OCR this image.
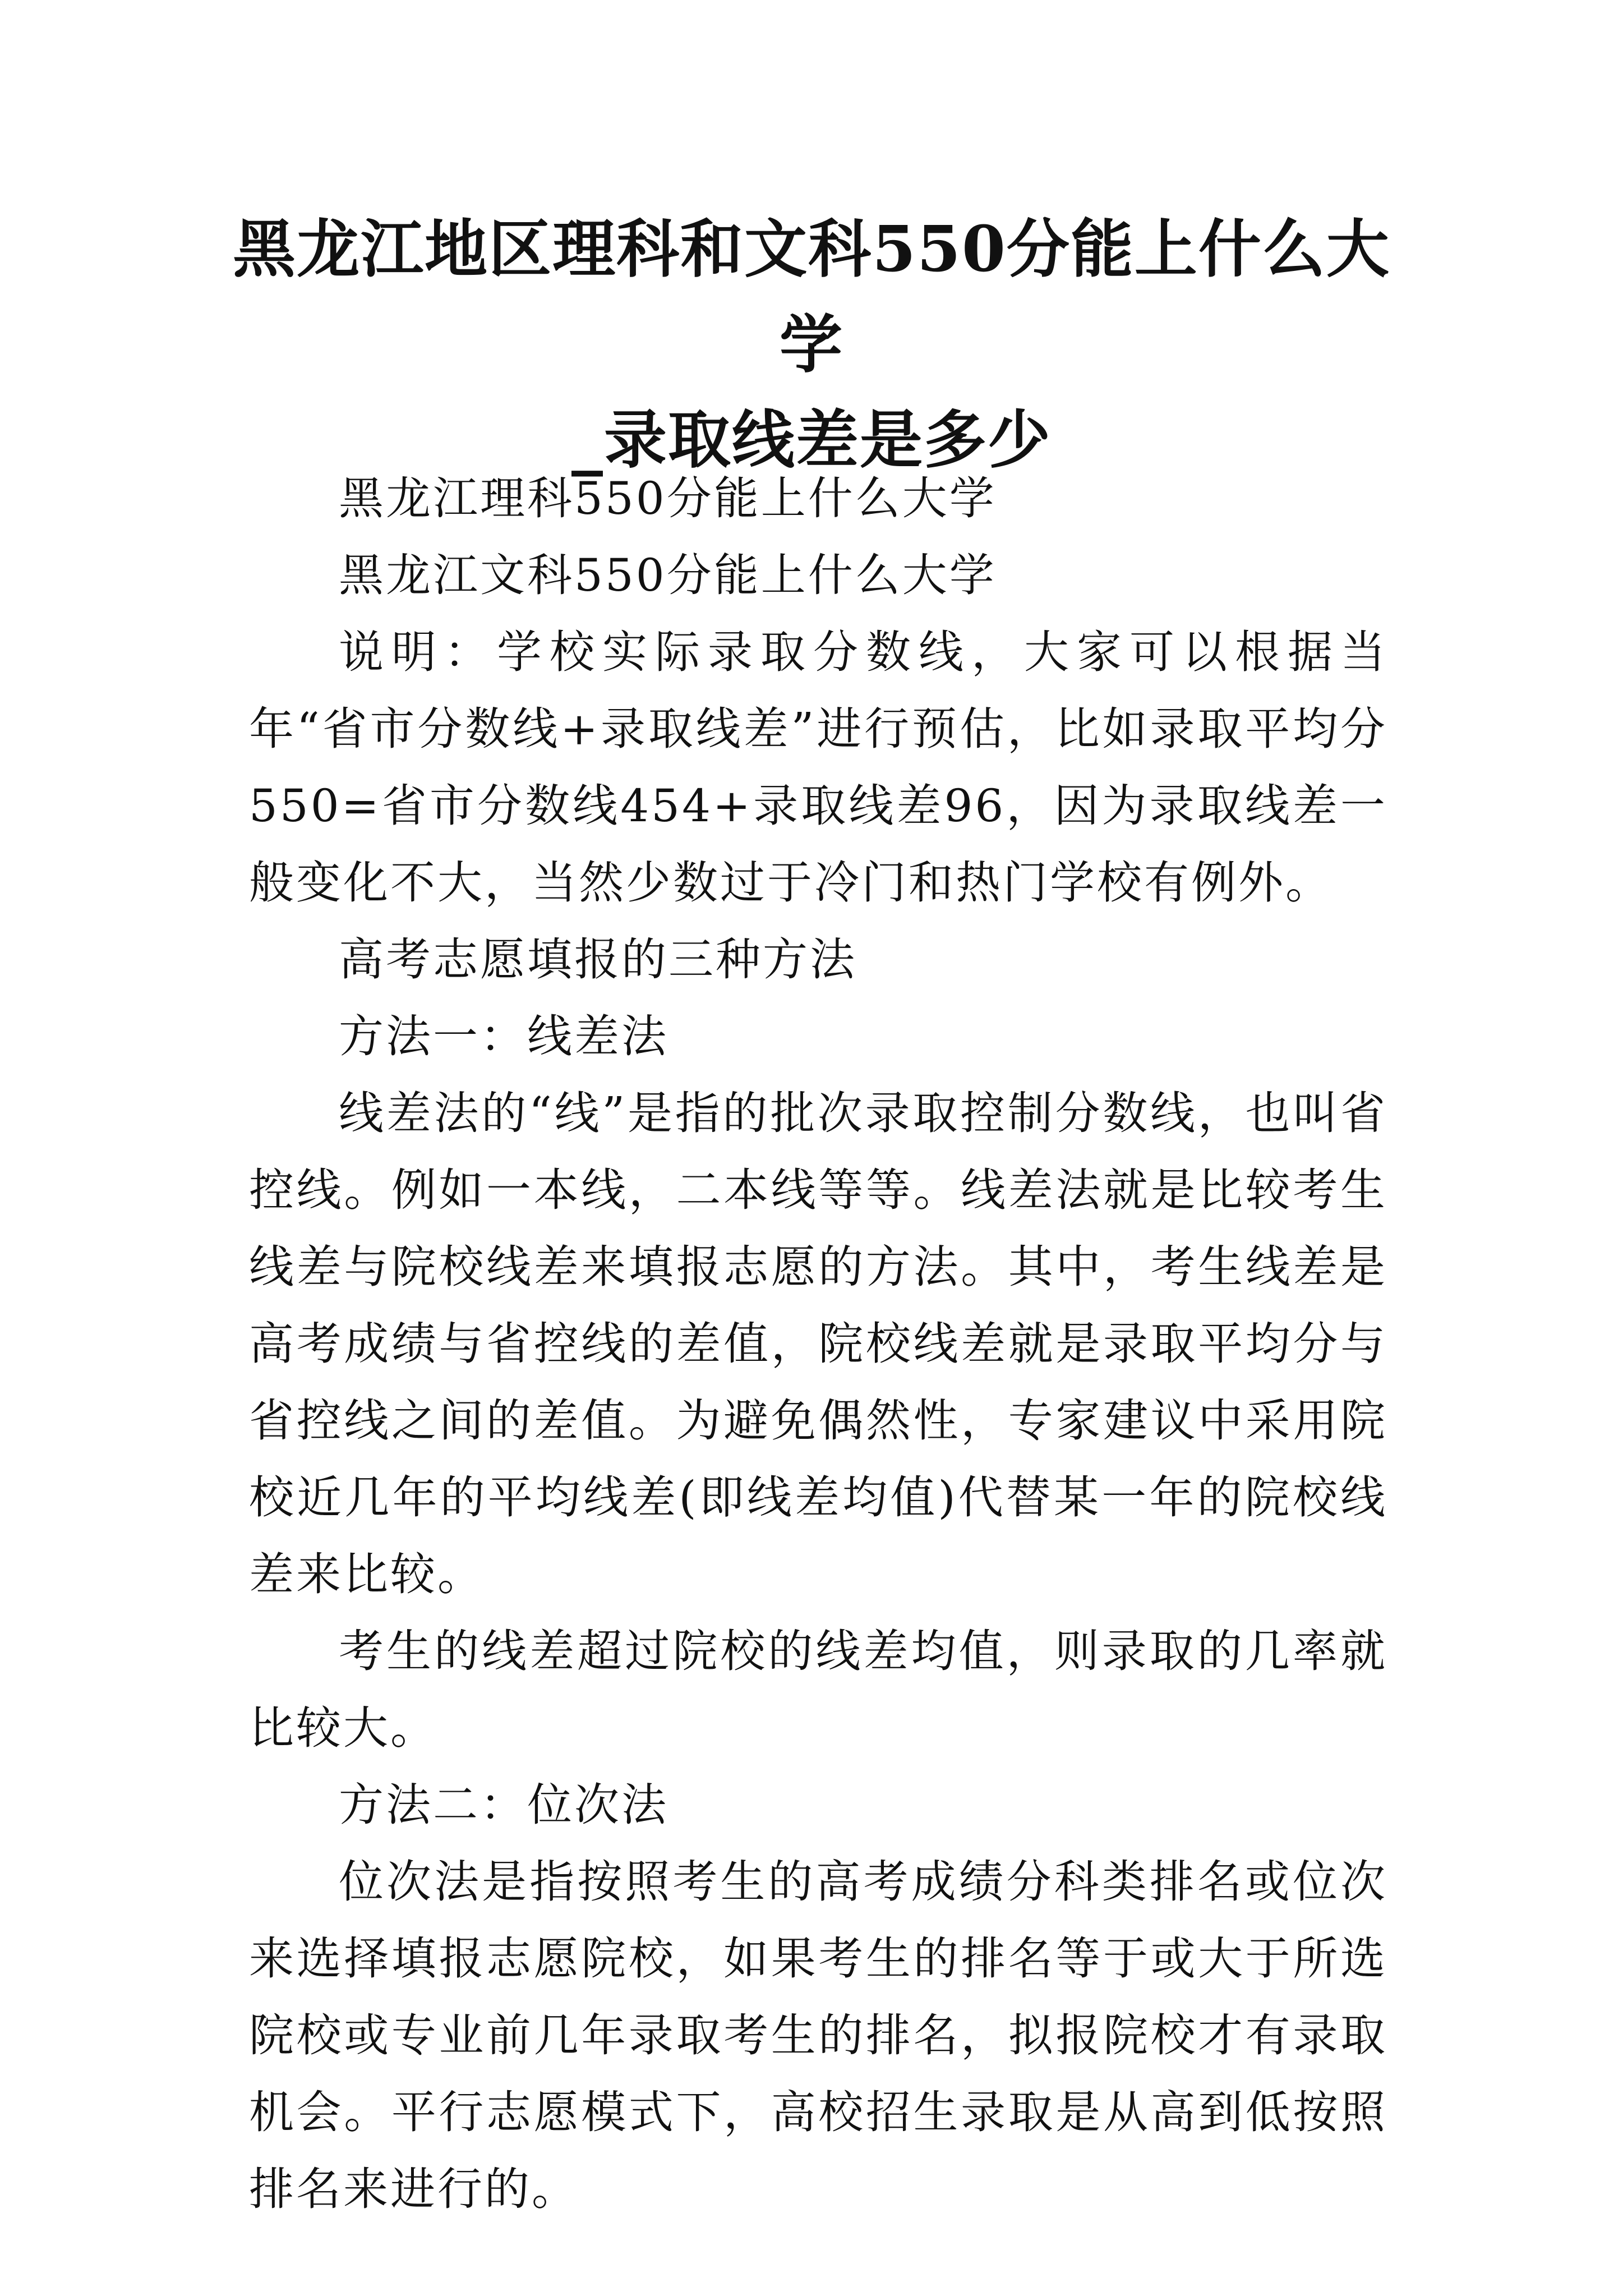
黑龙江地区理科和文科550分能上什么大学
_录取线差是多少

黑龙江理科550分能上什么大学

黑龙江文科550分能上什么大学

说明：学校实际录取分数线，大家可以根据当年“省市分数线+录取线差”进行预估，比如录取平均分550=省市分数线454+录取线差96，因为录取线差一般变化不大，当然少数过于冷门和热门学校有例外。

高考志愿填报的三种方法

方法一：线差法

线差法的“线”是指的批次录取控制分数线，也叫省控线。例如一本线，二本线等等。线差法就是比较考生线差与院校线差来填报志愿的方法。其中，考生线差是高考成绩与省控线的差值，院校线差就是录取平均分与省控线之间的差值。为避免偶然性，专家建议中采用院校近几年的平均线差(即线差均值)代替某一年的院校线差来比较。

考生的线差超过院校的线差均值，则录取的几率就比较大。

方法二：位次法

位次法是指按照考生的高考成绩分科类排名或位次来选择填报志愿院校，如果考生的排名等于或大于所选院校或专业前几年录取考生的排名，拟报院校才有录取机会。平行志愿模式下，高校招生录取是从高到低按照排名来进行的。
